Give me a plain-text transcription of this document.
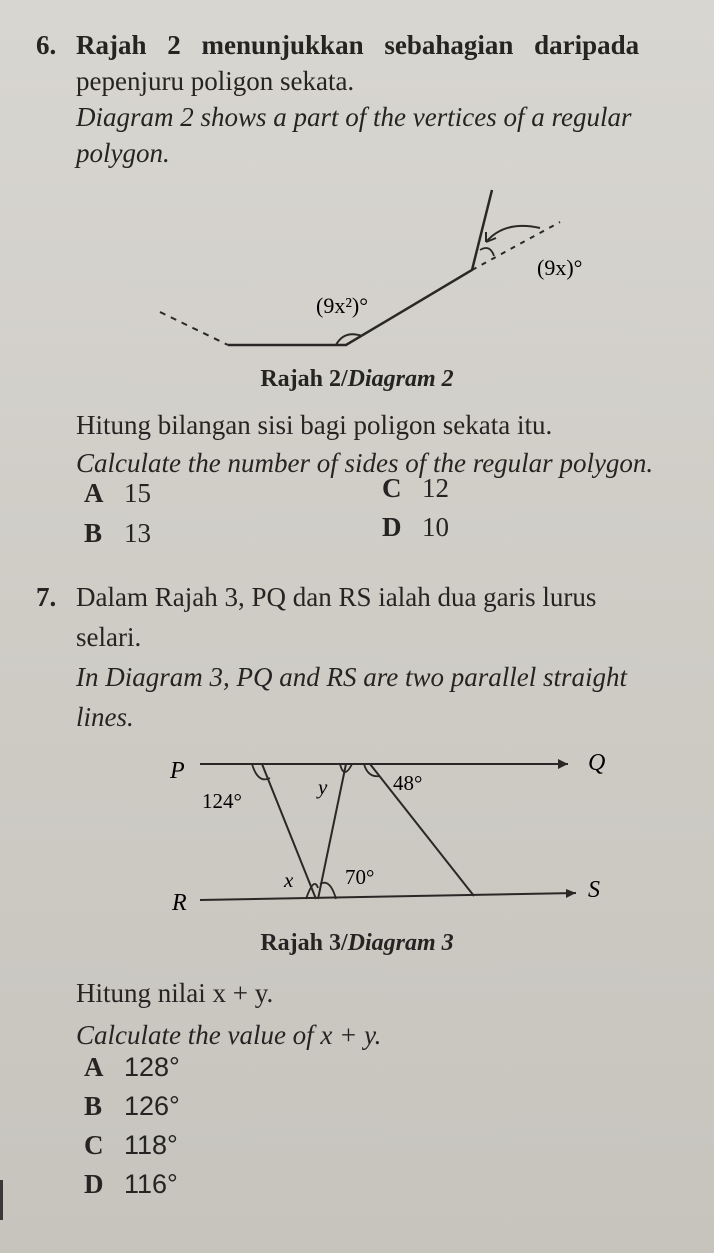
6. Rajah 2 menunjukkan sebahagian daripada

pepenjuru poligon sekata.

Diagram 2 shows a part of the vertices of a regular

polygon.

(9x)°
(9x²)°
Rajah 2/Diagram 2

Hitung bilangan sisi bagi poligon sekata itu.

Calculate the number of sides of the regular polygon.

A 15	C 12
B 13	D 10
7. Dalam Rajah 3, PQ dan RS ialah dua garis lurus

selari.

In Diagram 3, PQ and RS are two parallel straight

lines.

P	Q
R	S
124°
y	48°
x 70°
Rajah 3/Diagram 3

Hitung nilai x + y.

Calculate the value of x + y.

A 128°
B 126°
C 118°
D 116°
